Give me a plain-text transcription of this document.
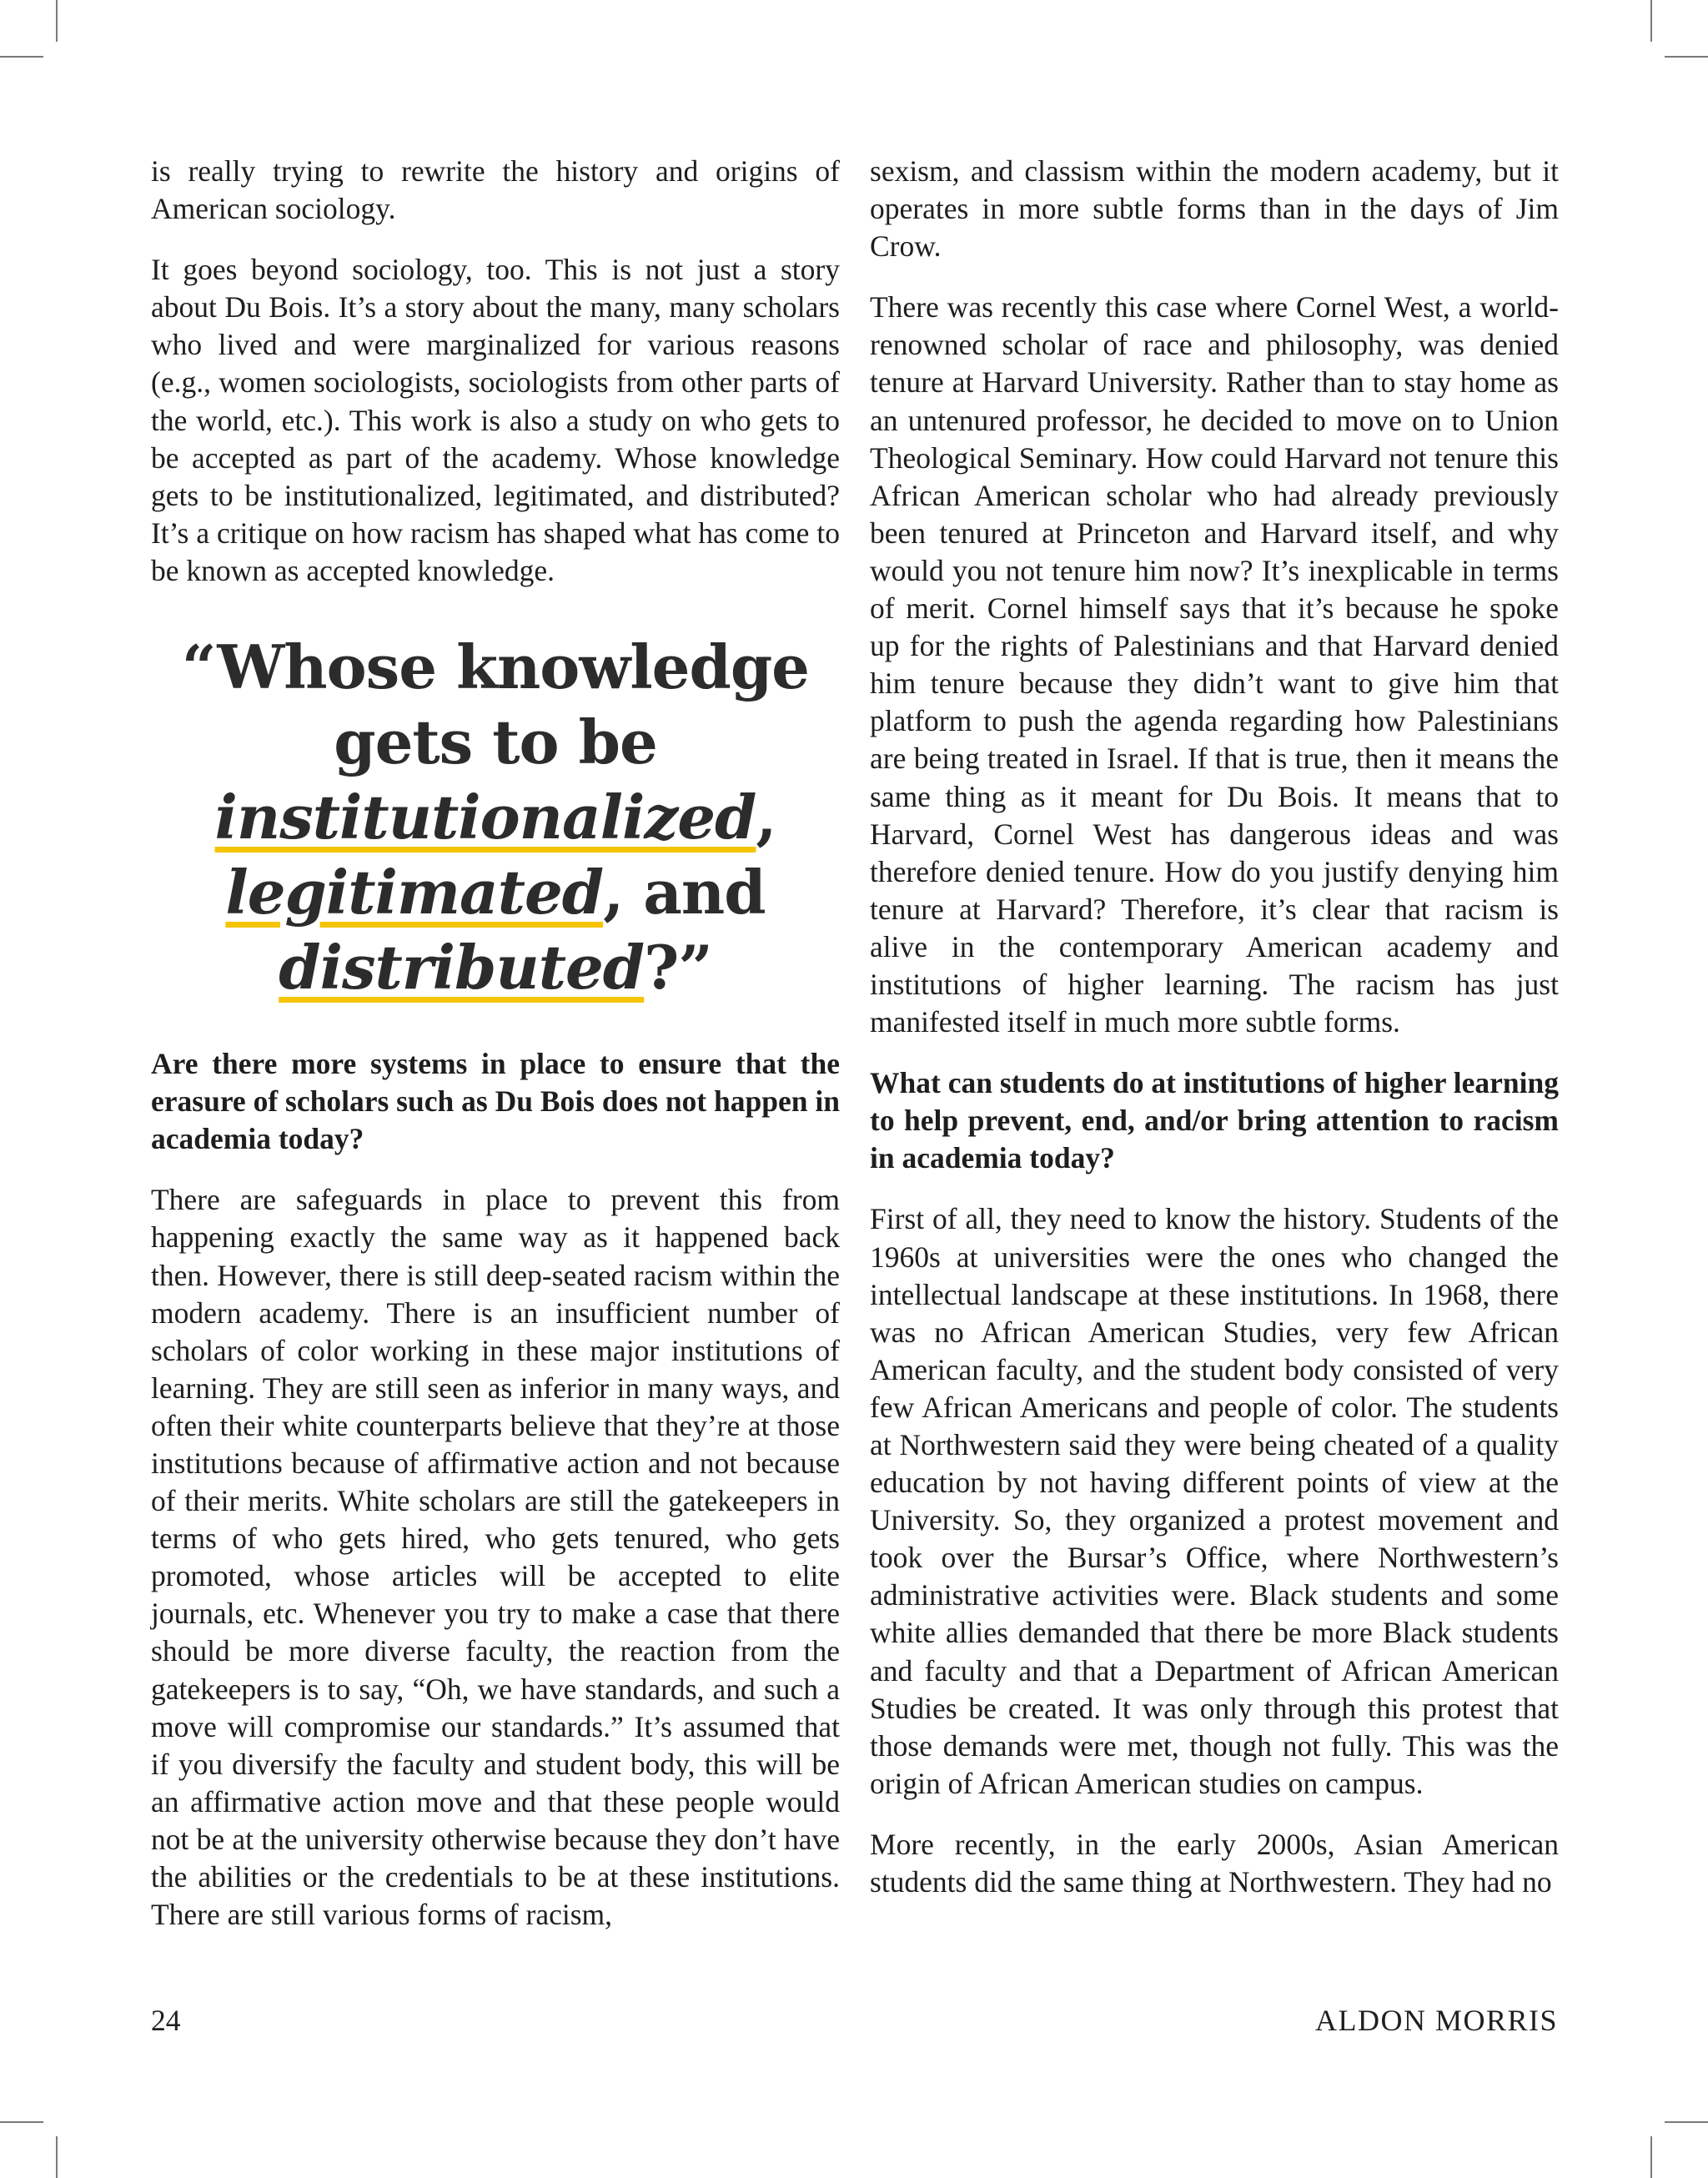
is really trying to rewrite the history and origins of American sociology.

It goes beyond sociology, too. This is not just a story about Du Bois. It’s a story about the many, many scholars who lived and were marginalized for various reasons (e.g., women sociologists, sociologists from other parts of the world, etc.). This work is also a study on who gets to be accepted as part of the academy. Whose knowledge gets to be institutionalized, legitimated, and distributed? It’s a critique on how racism has shaped what has come to be known as accepted knowledge.

“Whose knowledge gets to be
institutionalized,
legitimated, and
distributed?”

Are there more systems in place to ensure that the erasure of scholars such as Du Bois does not happen in academia today?

There are safeguards in place to prevent this from happening exactly the same way as it happened back then. However, there is still deep-seated racism within the modern academy. There is an insufficient number of scholars of color working in these major institutions of learning. They are still seen as inferior in many ways, and often their white counterparts believe that they’re at those institutions because of affirmative action and not because of their merits. White scholars are still the gatekeepers in terms of who gets hired, who gets tenured, who gets promoted, whose articles will be accepted to elite journals, etc. Whenever you try to make a case that there should be more diverse faculty, the reaction from the gatekeepers is to say, “Oh, we have standards, and such a move will compromise our standards.” It’s assumed that if you diversify the faculty and student body, this will be an affirmative action move and that these people would not be at the university otherwise because they don’t have the abilities or the credentials to be at these institutions. There are still various forms of racism,

sexism, and classism within the modern academy, but it operates in more subtle forms than in the days of Jim Crow.

There was recently this case where Cornel West, a world-renowned scholar of race and philosophy, was denied tenure at Harvard University. Rather than to stay home as an untenured professor, he decided to move on to Union Theological Seminary. How could Harvard not tenure this African American scholar who had already previously been tenured at Princeton and Harvard itself, and why would you not tenure him now? It’s inexplicable in terms of merit. Cornel himself says that it’s because he spoke up for the rights of Palestinians and that Harvard denied him tenure because they didn’t want to give him that platform to push the agenda regarding how Palestinians are being treated in Israel. If that is true, then it means the same thing as it meant for Du Bois. It means that to Harvard, Cornel West has dangerous ideas and was therefore denied tenure. How do you justify denying him tenure at Harvard? Therefore, it’s clear that racism is alive in the contemporary American academy and institutions of higher learning. The racism has just manifested itself in much more subtle forms.

What can students do at institutions of higher learning to help prevent, end, and/or bring attention to racism in academia today?

First of all, they need to know the history. Students of the 1960s at universities were the ones who changed the intellectual landscape at these institutions. In 1968, there was no African American Studies, very few African American faculty, and the student body consisted of very few African Americans and people of color. The students at Northwestern said they were being cheated of a quality education by not having different points of view at the University. So, they organized a protest movement and took over the Bursar’s Office, where Northwestern’s administrative activities were. Black students and some white allies demanded that there be more Black students and faculty and that a Department of African American Studies be created. It was only through this protest that those demands were met, though not fully. This was the origin of African American studies on campus.

More recently, in the early 2000s, Asian American students did the same thing at Northwestern. They had no

24	ALDON MORRIS
